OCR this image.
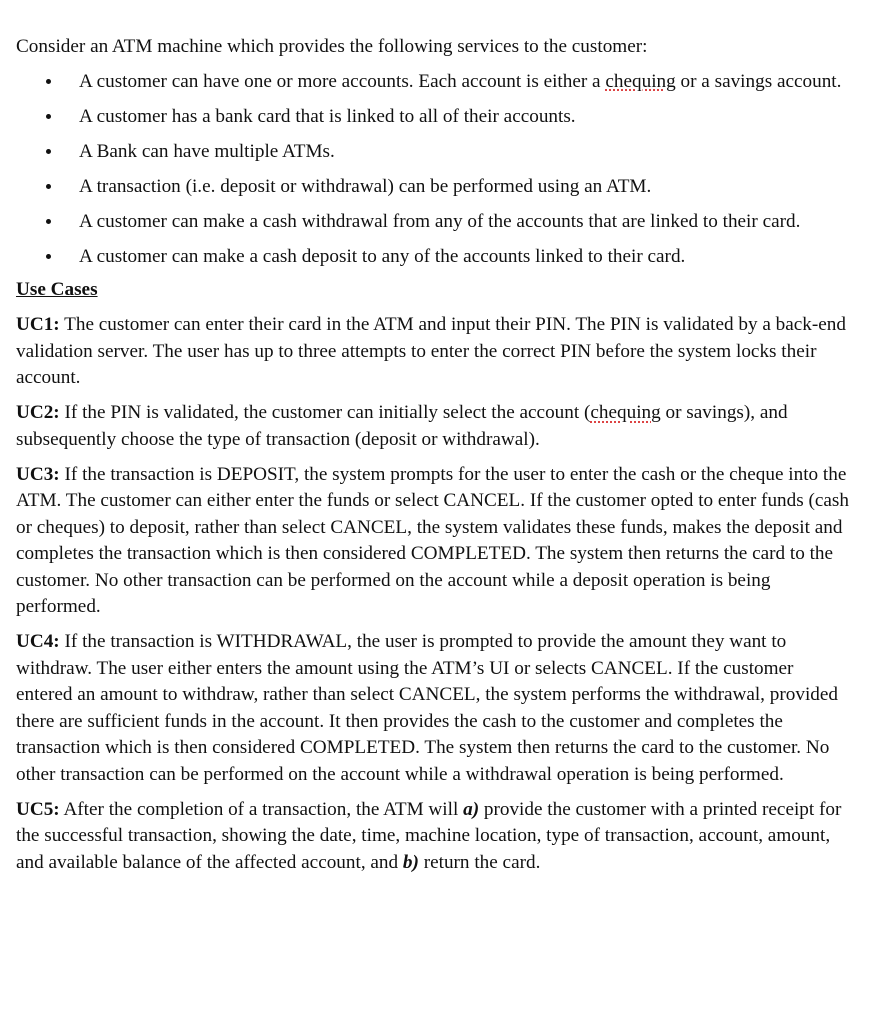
Consider an ATM machine which provides the following services to the customer:

A customer can have one or more accounts. Each account is either a chequing or a savings account.
A customer has a bank card that is linked to all of their accounts.
A Bank can have multiple ATMs.
A transaction (i.e. deposit or withdrawal) can be performed using an ATM.
A customer can make a cash withdrawal from any of the accounts that are linked to their card.
A customer can make a cash deposit to any of the accounts linked to their card.

Use Cases

UC1: The customer can enter their card in the ATM and input their PIN. The PIN is validated by a back-end validation server. The user has up to three attempts to enter the correct PIN before the system locks their account.

UC2: If the PIN is validated, the customer can initially select the account (chequing or savings), and subsequently choose the type of transaction (deposit or withdrawal).

UC3: If the transaction is DEPOSIT, the system prompts for the user to enter the cash or the cheque into the ATM. The customer can either enter the funds or select CANCEL. If the customer opted to enter funds (cash or cheques) to deposit, rather than select CANCEL, the system validates these funds, makes the deposit and completes the transaction which is then considered COMPLETED. The system then returns the card to the customer. No other transaction can be performed on the account while a deposit operation is being performed.

UC4: If the transaction is WITHDRAWAL, the user is prompted to provide the amount they want to withdraw. The user either enters the amount using the ATM’s UI or selects CANCEL. If the customer entered an amount to withdraw, rather than select CANCEL, the system performs the withdrawal, provided there are sufficient funds in the account. It then provides the cash to the customer and completes the transaction which is then considered COMPLETED. The system then returns the card to the customer. No other transaction can be performed on the account while a withdrawal operation is being performed.

UC5: After the completion of a transaction, the ATM will a) provide the customer with a printed receipt for the successful transaction, showing the date, time, machine location, type of transaction, account, amount, and available balance of the affected account, and b) return the card.
